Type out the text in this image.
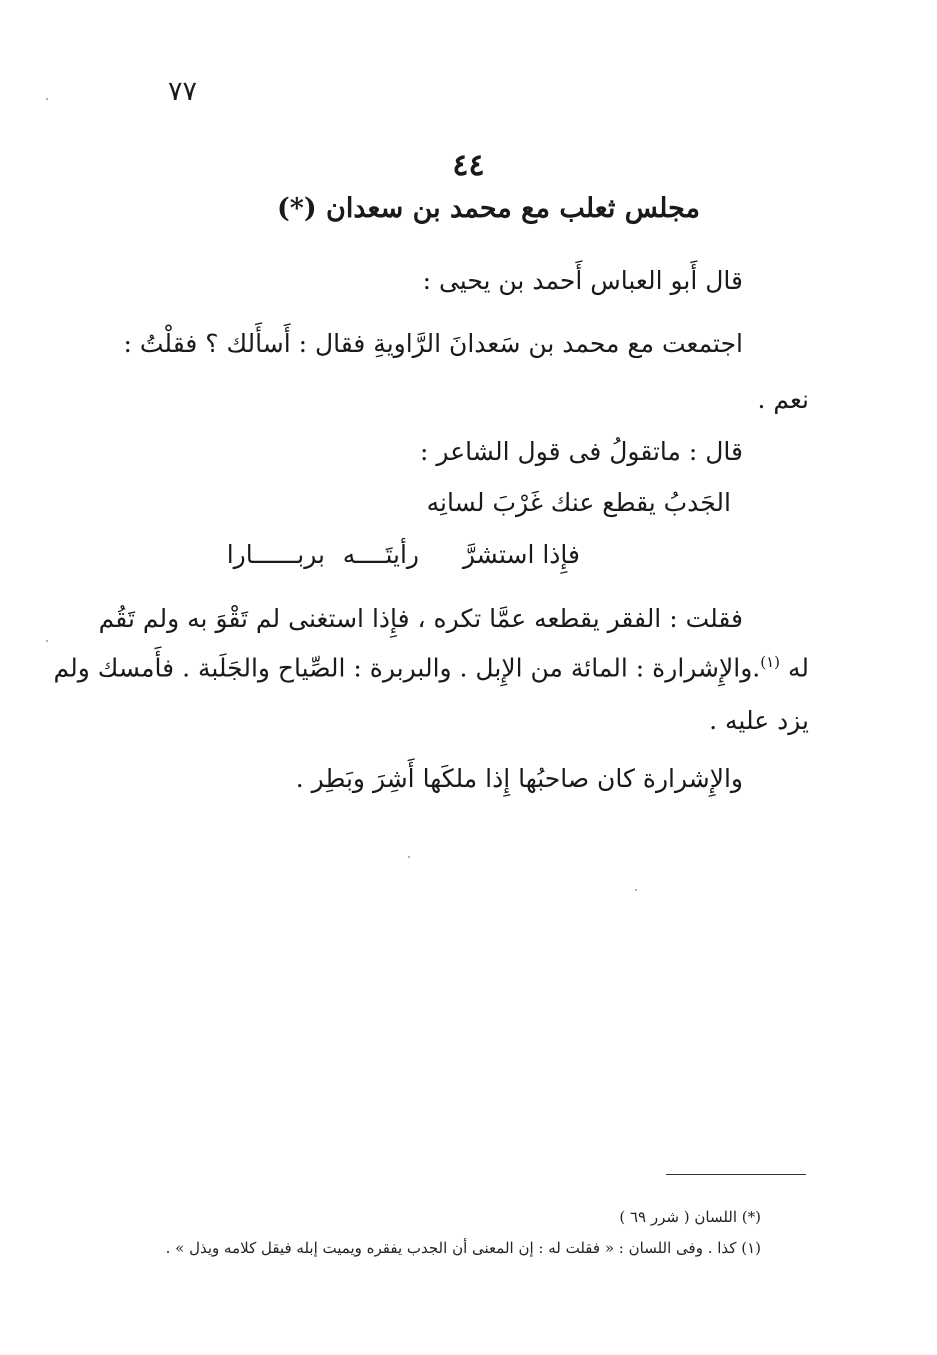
٧٧
٤٤
مجلس ثعلب مع محمد بن سعدان (*)
قال أَبو العباس أَحمد بن يحيى :
اجتمعت مع محمد بن سَعدانَ الرَّاويةِ فقال : أَسأَلك ؟ فقلْتُ :
نعم .
قال : ماتقولُ فى قول الشاعر :
الجَدبُ يقطع عنك غَرْبَ لسانِه
فإِذا استشرَّ
رأيتَــــه
بربــــــارا
فقلت : الفقر يقطعه عمَّا تكره ، فإِذا استغنى لم تَقْوَ به ولم تَقُم
له $^{(١)}$.والإِشرارة : المائة من الإِبل . والبربرة : الصِّياح والجَلَبة . فأَمسك ولم
يزد عليه .
والإِشرارة كان صاحبُها إِذا ملكَها أَشِرَ وبَطِر .
(*) اللسان ( شرر ٦٩ )
(١) كذا . وفى اللسان : « فقلت له : إن المعنى أن الجدب يفقره ويميت إبله فيقل كلامه ويذل » .
